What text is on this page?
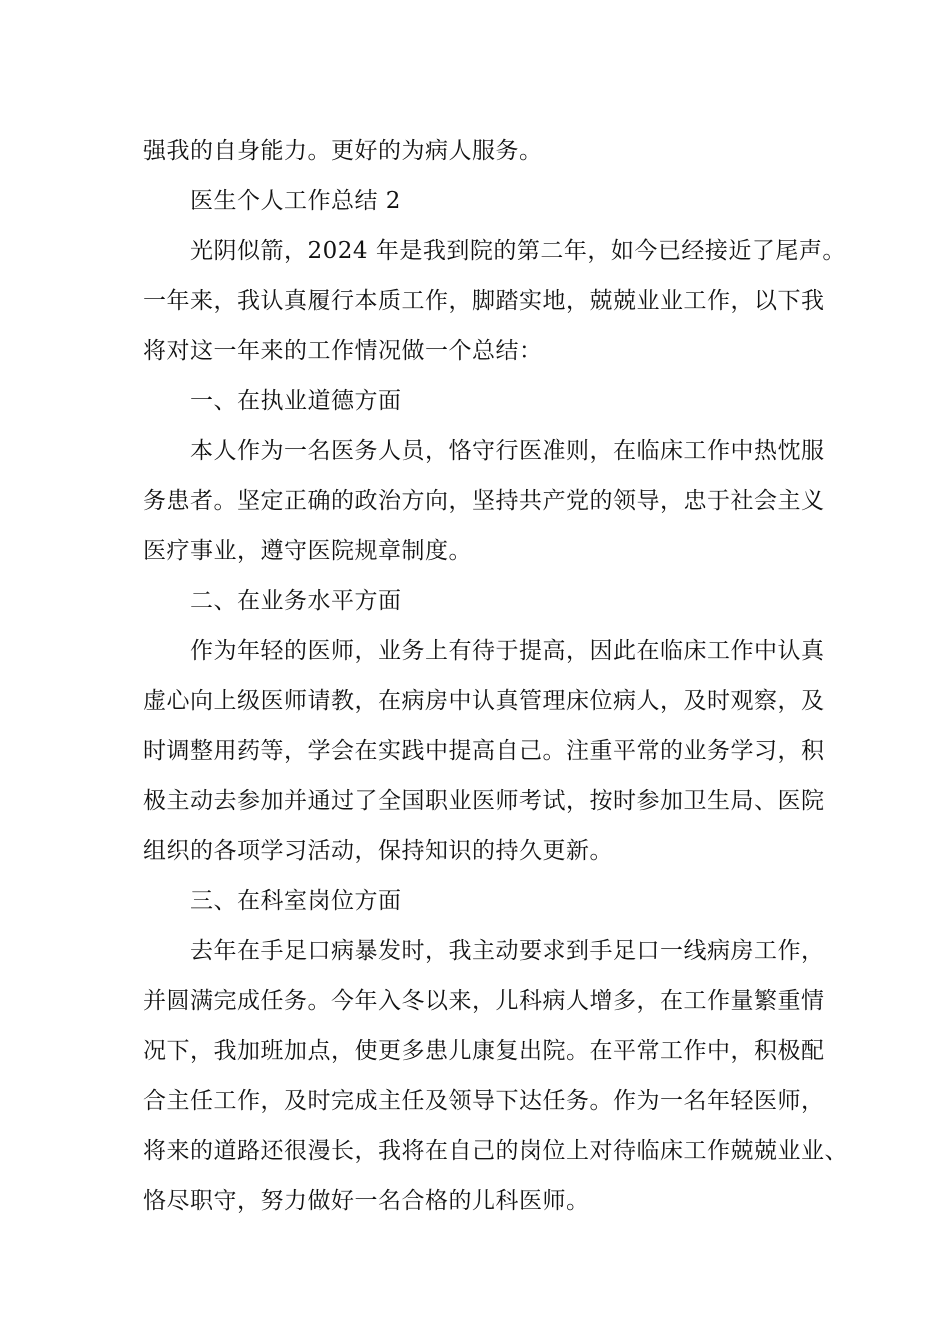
强我的自身能力。更好的为病人服务。
医生个人工作总结 2
光阴似箭，2024 年是我到院的第二年，如今已经接近了尾声。
一年来，我认真履行本质工作，脚踏实地，兢兢业业工作，以下我
将对这一年来的工作情况做一个总结：
一、在执业道德方面
本人作为一名医务人员，恪守行医准则，在临床工作中热忱服
务患者。坚定正确的政治方向，坚持共产党的领导，忠于社会主义
医疗事业，遵守医院规章制度。
二、在业务水平方面
作为年轻的医师，业务上有待于提高，因此在临床工作中认真
虚心向上级医师请教，在病房中认真管理床位病人，及时观察，及
时调整用药等，学会在实践中提高自己。注重平常的业务学习，积
极主动去参加并通过了全国职业医师考试，按时参加卫生局、医院
组织的各项学习活动，保持知识的持久更新。
三、在科室岗位方面
去年在手足口病暴发时，我主动要求到手足口一线病房工作，
并圆满完成任务。今年入冬以来，儿科病人增多，在工作量繁重情
况下，我加班加点，使更多患儿康复出院。在平常工作中，积极配
合主任工作，及时完成主任及领导下达任务。作为一名年轻医师，
将来的道路还很漫长，我将在自己的岗位上对待临床工作兢兢业业、
恪尽职守，努力做好一名合格的儿科医师。
